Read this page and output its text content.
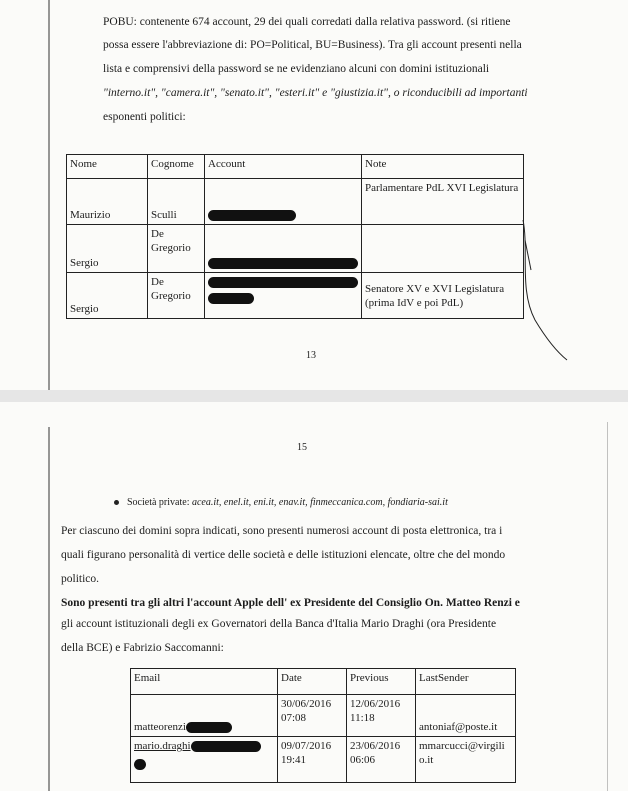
POBU: contenente 674 account, 29 dei quali corredati dalla relativa password. (si ritiene
possa essere l'abbreviazione di: PO=Political, BU=Business). Tra gli account presenti nella
lista e comprensivi della password se ne evidenziano alcuni con domini istituzionali
"interno.it", "camera.it", "senato.it", "esteri.it" e "giustizia.it", o riconducibili ad importanti
esponenti politici:
Nome	Cognome	Account	Note
Maurizio	Sculli		Parlamentare PdL XVI Legislatura
Sergio	De Gregorio		
Sergio	De Gregorio		Senatore XV e XVI Legislatura (prima IdV e poi PdL)
13
15
Società private: acea.it, enel.it, eni.it, enav.it, finmeccanica.com, fondiaria-sai.it
Per ciascuno dei domini sopra indicati, sono presenti numerosi account di posta elettronica, tra i
quali figurano personalità di vertice delle società e delle istituzioni elencate, oltre che del mondo
politico.
Sono presenti tra gli altri l'account Apple dell' ex Presidente del Consiglio On. Matteo Renzi e
gli account istituzionali degli ex Governatori della Banca d'Italia Mario Draghi (ora Presidente
della BCE) e Fabrizio Saccomanni:
Email	Date	Previous	LastSender
matteorenzi	30/06/2016 07:08	12/06/2016 11:18	antoniaf@poste.it
mario.draghi	09/07/2016 19:41	23/06/2016 06:06	mmarcucci@virgilio.it
